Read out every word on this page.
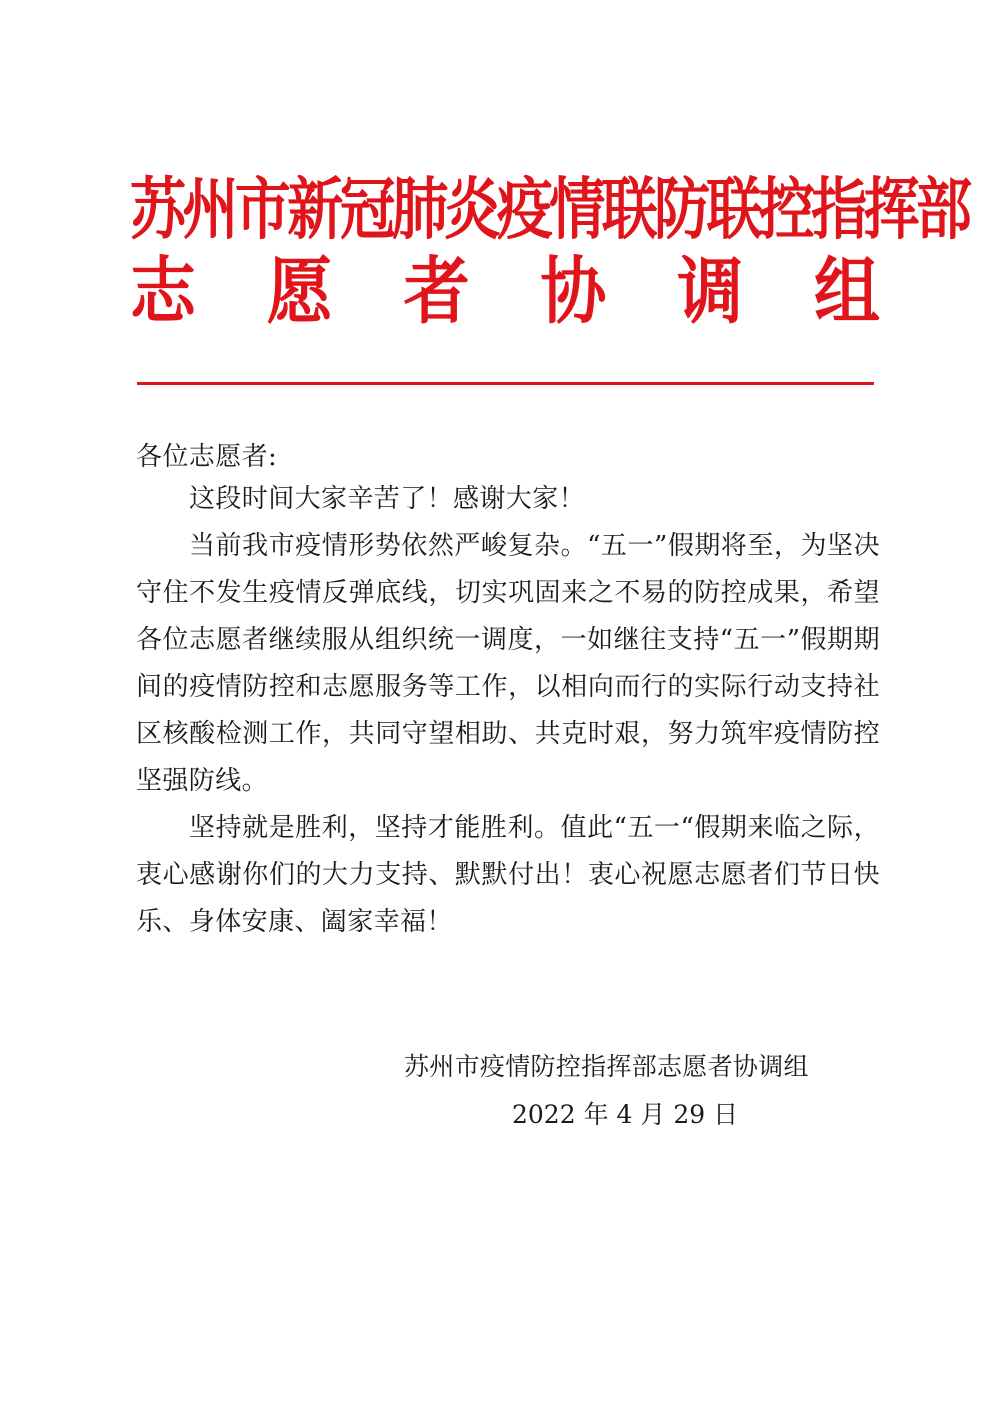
苏州市新冠肺炎疫情联防联控指挥部
志 愿 者 协 调 组
各位志愿者:
这段时间大家辛苦了！感谢大家！
当前我市疫情形势依然严峻复杂。“五一”假期将至，为坚决守住不发生疫情反弹底线，切实巩固来之不易的防控成果，希望各位志愿者继续服从组织统一调度，一如继往支持“五一”假期期间的疫情防控和志愿服务等工作，以相向而行的实际行动支持社区核酸检测工作，共同守望相助、共克时艰，努力筑牢疫情防控坚强防线。
坚持就是胜利，坚持才能胜利。值此“五一“假期来临之际，衷心感谢你们的大力支持、默默付出！衷心祝愿志愿者们节日快乐、身体安康、阖家幸福！
苏州市疫情防控指挥部志愿者协调组
2022 年 4 月 29 日
